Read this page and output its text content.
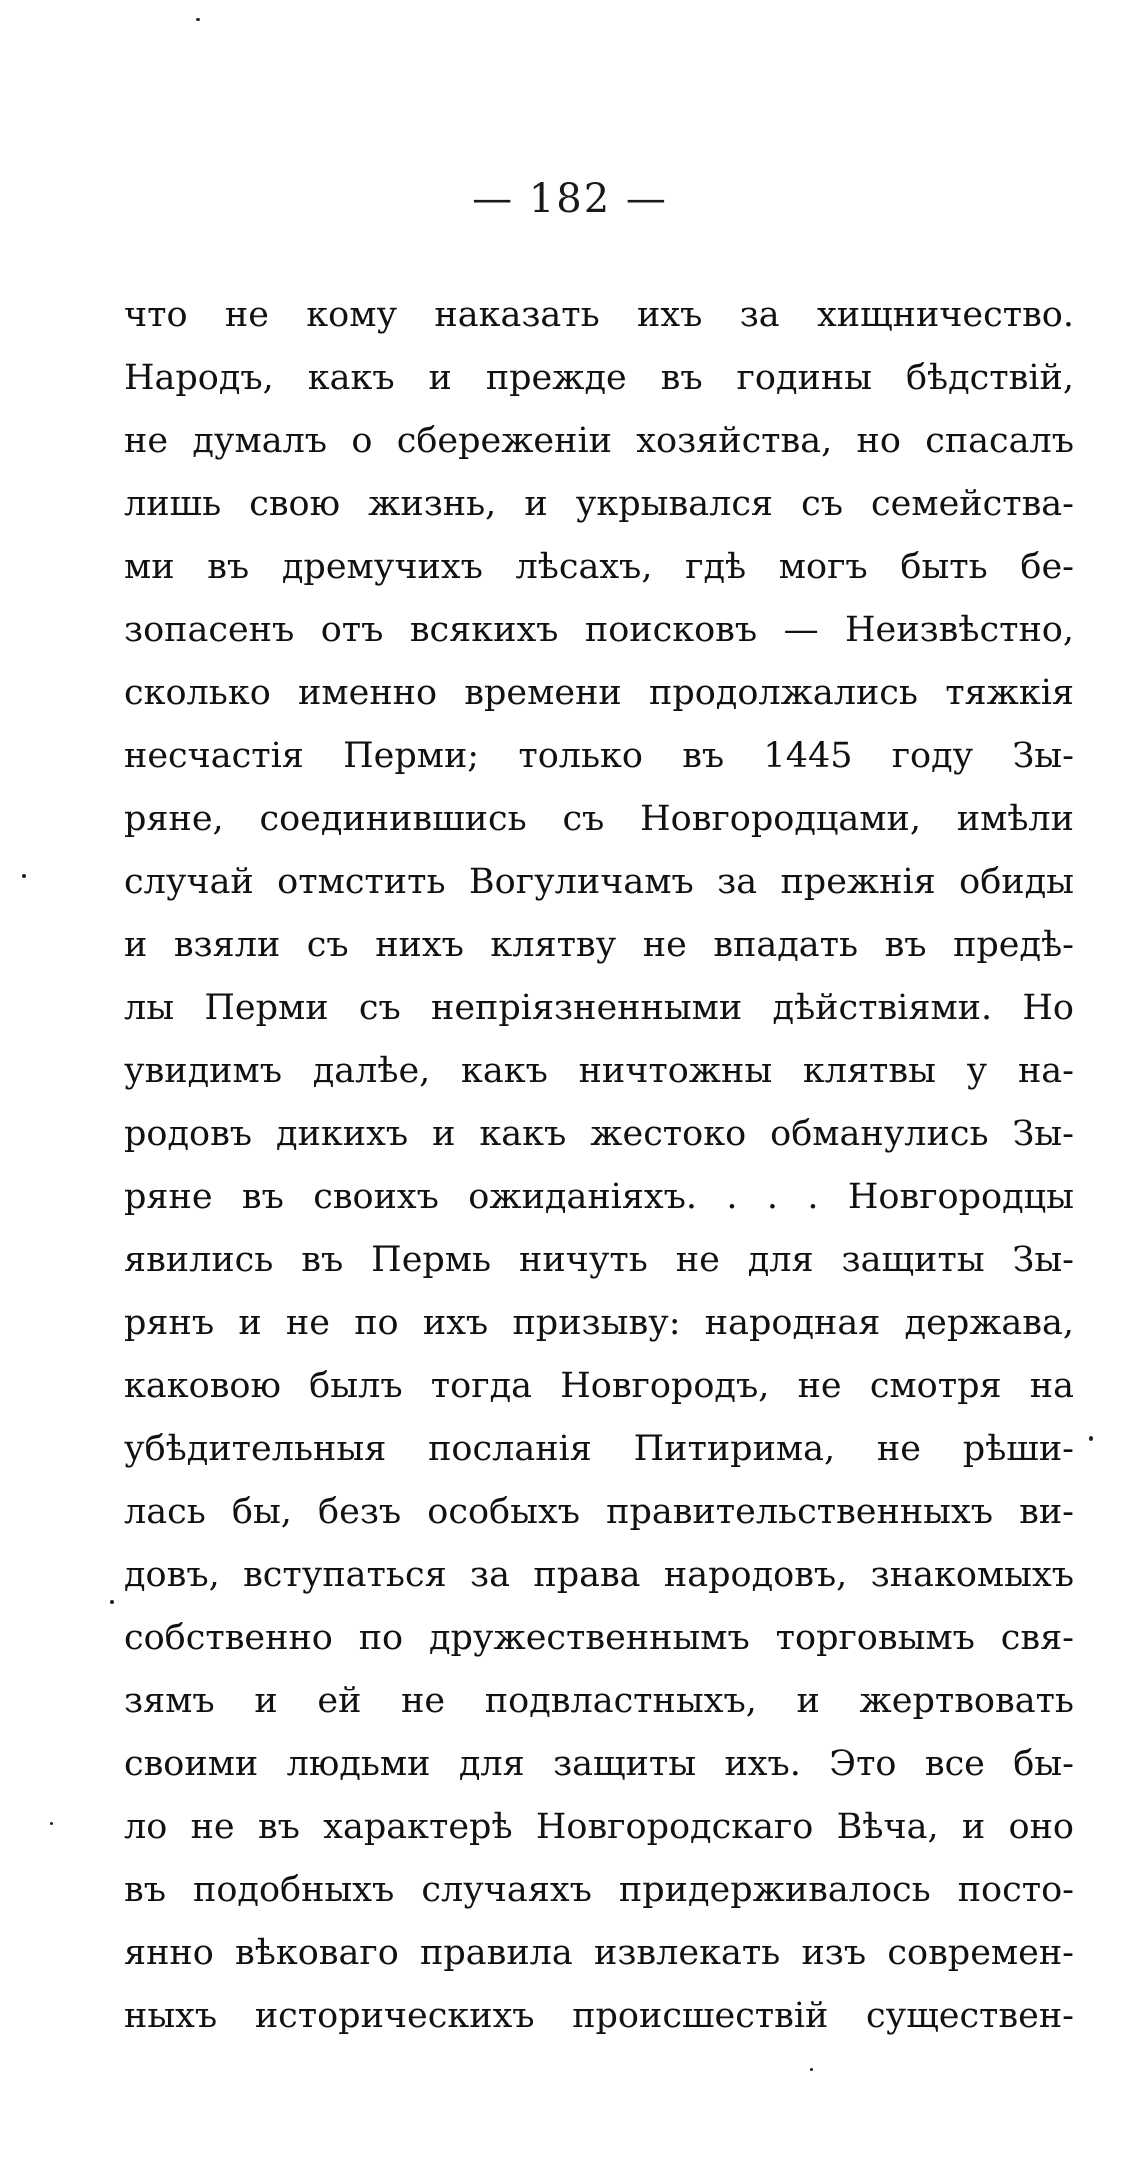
— 182 —
что не кому наказать ихъ за хищничество.
Народъ, какъ и прежде въ годины бѣдствій,
не думалъ о сбереженіи хозяйства, но спасалъ
лишь свою жизнь, и укрывался съ семейства-
ми въ дремучихъ лѣсахъ, гдѣ могъ быть бе-
зопасенъ отъ всякихъ поисковъ — Неизвѣстно,
сколько именно времени продолжались тяжкія
несчастія Перми; только въ 1445 году Зы-
ряне, соединившись съ Новгородцами, имѣли
случай отмстить Вогуличамъ за прежнія обиды
и взяли съ нихъ клятву не впадать въ предѣ-
лы Перми съ непріязненными дѣйствіями. Но
увидимъ далѣе, какъ ничтожны клятвы у на-
родовъ дикихъ и какъ жестоко обманулись Зы-
ряне въ своихъ ожиданіяхъ. . . . Новгородцы
явились въ Пермь ничуть не для защиты Зы-
рянъ и не по ихъ призыву: народная держава,
каковою былъ тогда Новгородъ, не смотря на
убѣдительныя посланія Питирима, не рѣши-
лась бы, безъ особыхъ правительственныхъ ви-
довъ, вступаться за права народовъ, знакомыхъ
собственно по дружественнымъ торговымъ свя-
зямъ и ей не подвластныхъ, и жертвовать
своими людьми для защиты ихъ. Это все бы-
ло не въ характерѣ Новгородскаго Вѣча, и оно
въ подобныхъ случаяхъ придерживалось посто-
янно вѣковаго правила извлекать изъ современ-
ныхъ историческихъ происшествій существен-
